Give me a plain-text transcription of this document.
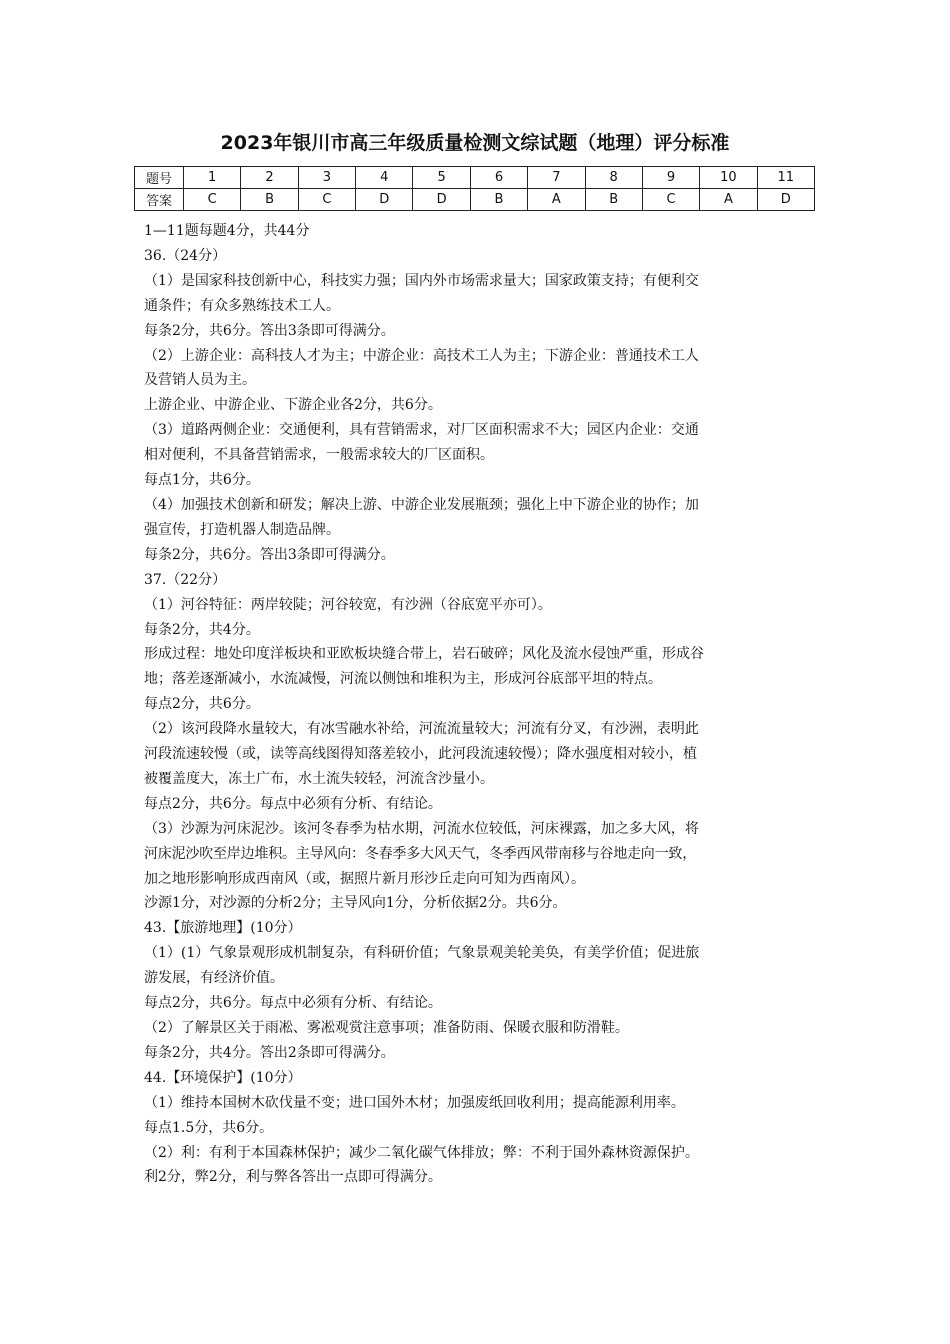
2023年银川市高三年级质量检测文综试题（地理）评分标准
题号	1	2	3	4	5	6	7	8	9	10	11
答案	C	B	C	D	D	B	A	B	C	A	D

1—11题每题4分，共44分

36.（24分）

（1）是国家科技创新中心，科技实力强；国内外市场需求量大；国家政策支持；有便利交

通条件；有众多熟练技术工人。

每条2分，共6分。答出3条即可得满分。

（2）上游企业：高科技人才为主；中游企业：高技术工人为主；下游企业：普通技术工人

及营销人员为主。

上游企业、中游企业、下游企业各2分，共6分。

（3）道路两侧企业：交通便利，具有营销需求，对厂区面积需求不大；园区内企业：交通

相对便利，不具备营销需求，一般需求较大的厂区面积。

每点1分，共6分。

（4）加强技术创新和研发；解决上游、中游企业发展瓶颈；强化上中下游企业的协作；加

强宣传，打造机器人制造品牌。

每条2分，共6分。答出3条即可得满分。

37.（22分）

（1）河谷特征：两岸较陡；河谷较宽，有沙洲（谷底宽平亦可）。

每条2分，共4分。

形成过程：地处印度洋板块和亚欧板块缝合带上，岩石破碎；风化及流水侵蚀严重，形成谷

地；落差逐渐减小，水流减慢，河流以侧蚀和堆积为主，形成河谷底部平坦的特点。

每点2分，共6分。

（2）该河段降水量较大，有冰雪融水补给，河流流量较大；河流有分叉，有沙洲，表明此

河段流速较慢（或，读等高线图得知落差较小，此河段流速较慢）；降水强度相对较小，植

被覆盖度大，冻土广布，水土流失较轻，河流含沙量小。

每点2分，共6分。每点中必须有分析、有结论。

（3）沙源为河床泥沙。该河冬春季为枯水期，河流水位较低，河床裸露，加之多大风，将

河床泥沙吹至岸边堆积。主导风向：冬春季多大风天气，冬季西风带南移与谷地走向一致，

加之地形影响形成西南风（或，据照片新月形沙丘走向可知为西南风）。

沙源1分，对沙源的分析2分；主导风向1分，分析依据2分。共6分。

43.【旅游地理】(10分）

（1）(1）气象景观形成机制复杂，有科研价值；气象景观美轮美奂，有美学价值；促进旅

游发展，有经济价值。

每点2分，共6分。每点中必须有分析、有结论。

（2）了解景区关于雨凇、雾凇观赏注意事项；准备防雨、保暖衣服和防滑鞋。

每条2分，共4分。答出2条即可得满分。

44.【环境保护】(10分）

（1）维持本国树木砍伐量不变；进口国外木材；加强废纸回收利用；提高能源利用率。

每点1.5分，共6分。

（2）利：有利于本国森林保护；减少二氧化碳气体排放；弊：不利于国外森林资源保护。

利2分，弊2分，利与弊各答出一点即可得满分。
